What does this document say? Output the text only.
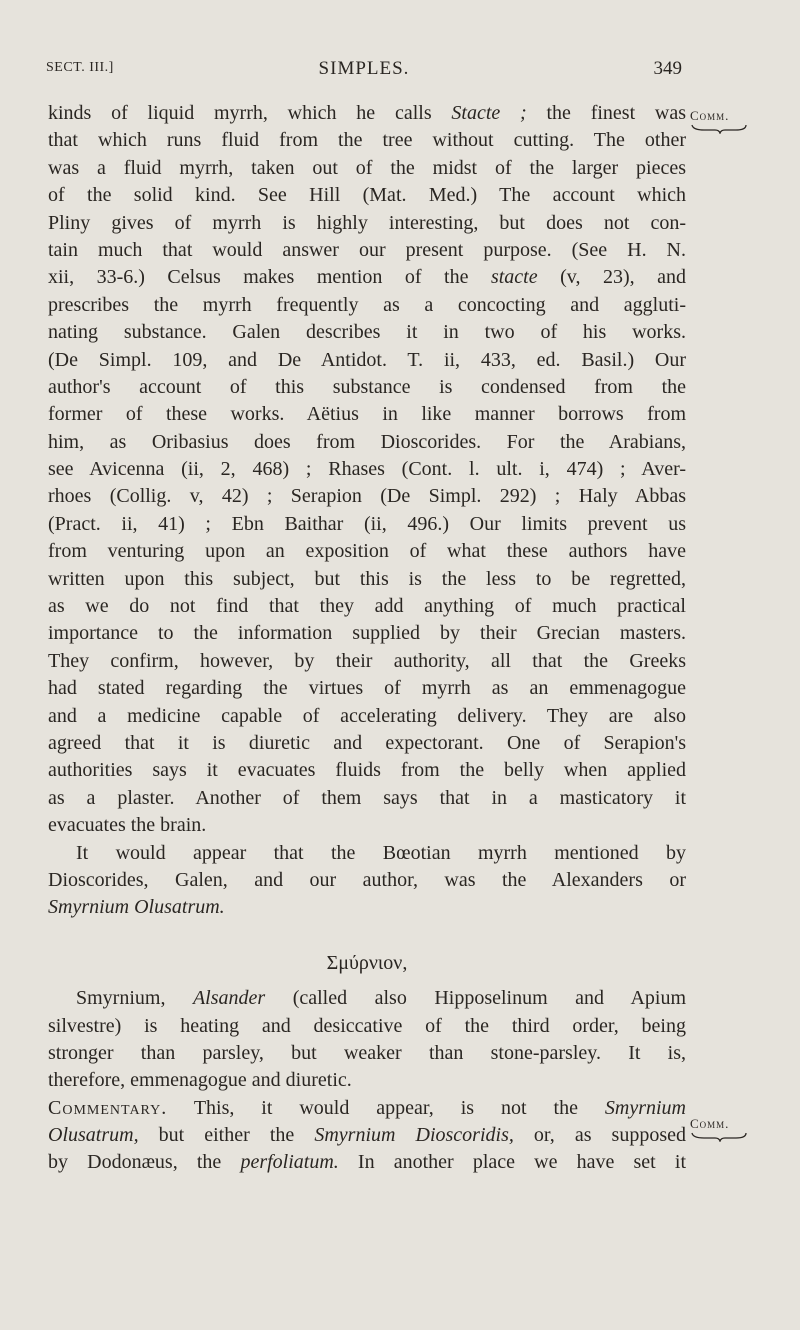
SECT. III.]	SIMPLES.	349
Comm.
Comm.
kinds of liquid myrrh, which he calls Stacte ; the finest was
that which runs fluid from the tree without cutting. The other
was a fluid myrrh, taken out of the midst of the larger pieces
of the solid kind. See Hill (Mat. Med.) The account which
Pliny gives of myrrh is highly interesting, but does not con-
tain much that would answer our present purpose. (See H. N.
xii, 33-6.) Celsus makes mention of the stacte (v, 23), and
prescribes the myrrh frequently as a concocting and aggluti-
nating substance. Galen describes it in two of his works.
(De Simpl. 109, and De Antidot. T. ii, 433, ed. Basil.) Our
author's account of this substance is condensed from the
former of these works. Aëtius in like manner borrows from
him, as Oribasius does from Dioscorides. For the Arabians,
see Avicenna (ii, 2, 468) ; Rhases (Cont. l. ult. i, 474) ; Aver-
rhoes (Collig. v, 42) ; Serapion (De Simpl. 292) ; Haly Abbas
(Pract. ii, 41) ; Ebn Baithar (ii, 496.) Our limits prevent us
from venturing upon an exposition of what these authors have
written upon this subject, but this is the less to be regretted,
as we do not find that they add anything of much practical
importance to the information supplied by their Grecian masters.
They confirm, however, by their authority, all that the Greeks
had stated regarding the virtues of myrrh as an emmenagogue
and a medicine capable of accelerating delivery. They are also
agreed that it is diuretic and expectorant. One of Serapion's
authorities says it evacuates fluids from the belly when applied
as a plaster. Another of them says that in a masticatory it
evacuates the brain.
It would appear that the Bœotian myrrh mentioned by
Dioscorides, Galen, and our author, was the Alexanders or
Smyrnium Olusatrum.
Σμύρνιον,
Smyrnium, Alsander (called also Hipposelinum and Apium
silvestre) is heating and desiccative of the third order, being
stronger than parsley, but weaker than stone-parsley. It is,
therefore, emmenagogue and diuretic.
Commentary. This, it would appear, is not the Smyrnium
Olusatrum, but either the Smyrnium Dioscoridis, or, as supposed
by Dodonæus, the perfoliatum. In another place we have set it
